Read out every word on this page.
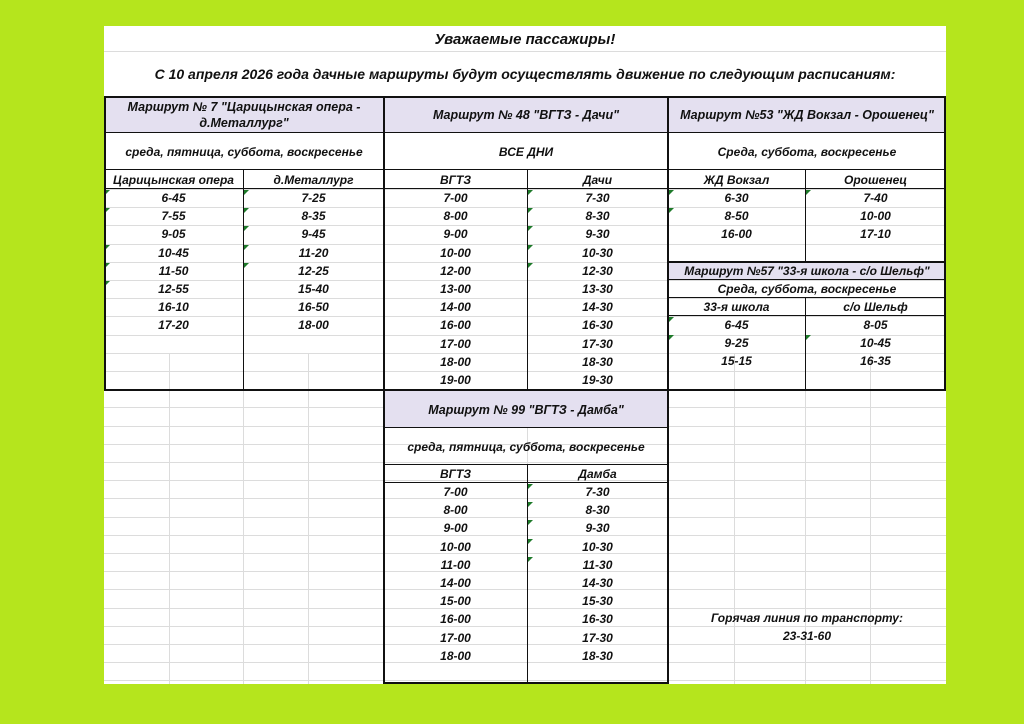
Уважаемые пассажиры!
С 10 апреля 2026 года дачные маршруты будут осуществлять движение по следующим расписаниям:
Маршрут № 7 "Царицынская опера - д.Металлург"
среда, пятница, суббота, воскресенье
Царицынская опера	д.Металлург
6-45	7-25
7-55	8-35
9-05	9-45
10-45	11-20
11-50	12-25
12-55	15-40
16-10	16-50
17-20	18-00
Маршрут № 48 "ВГТЗ - Дачи"
ВСЕ ДНИ
ВГТЗ	Дачи
7-00	7-30
8-00	8-30
9-00	9-30
10-00	10-30
12-00	12-30
13-00	13-30
14-00	14-30
16-00	16-30
17-00	17-30
18-00	18-30
19-00	19-30
Маршрут №53 "ЖД Вокзал - Орошенец"
Среда, суббота, воскресенье
ЖД Вокзал	Орошенец
6-30	7-40
8-50	10-00
16-00	17-10
Маршрут №57 "33-я школа - с/о Шельф"
Среда, суббота, воскресенье
33-я школа	с/о Шельф
6-45	8-05
9-25	10-45
15-15	16-35
Маршрут № 99 "ВГТЗ - Дамба"
среда, пятница, суббота, воскресенье
ВГТЗ	Дамба
7-00	7-30
8-00	8-30
9-00	9-30
10-00	10-30
11-00	11-30
14-00	14-30
15-00	15-30
16-00	16-30
17-00	17-30
18-00	18-30
Горячая линия по транспорту:
23-31-60
